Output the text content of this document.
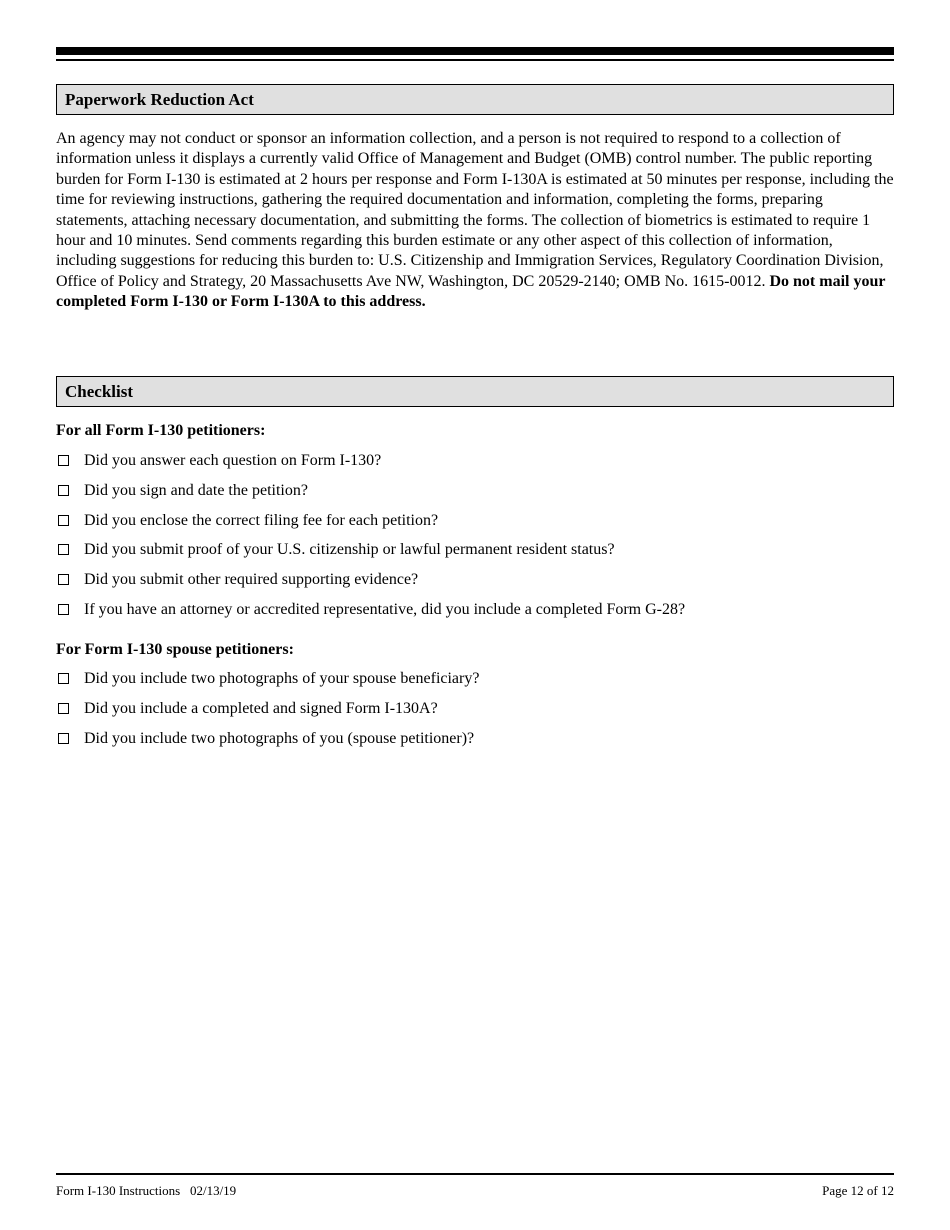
Paperwork Reduction Act
An agency may not conduct or sponsor an information collection, and a person is not required to respond to a collection of information unless it displays a currently valid Office of Management and Budget (OMB) control number. The public reporting burden for Form I-130 is estimated at 2 hours per response and Form I-130A is estimated at 50 minutes per response, including the time for reviewing instructions, gathering the required documentation and information, completing the forms, preparing statements, attaching necessary documentation, and submitting the forms. The collection of biometrics is estimated to require 1 hour and 10 minutes. Send comments regarding this burden estimate or any other aspect of this collection of information, including suggestions for reducing this burden to: U.S. Citizenship and Immigration Services, Regulatory Coordination Division, Office of Policy and Strategy, 20 Massachusetts Ave NW, Washington, DC 20529-2140; OMB No. 1615-0012. Do not mail your completed Form I-130 or Form I-130A to this address.
Checklist
For all Form I-130 petitioners:
Did you answer each question on Form I-130?
Did you sign and date the petition?
Did you enclose the correct filing fee for each petition?
Did you submit proof of your U.S. citizenship or lawful permanent resident status?
Did you submit other required supporting evidence?
If you have an attorney or accredited representative, did you include a completed Form G-28?
For Form I-130 spouse petitioners:
Did you include two photographs of your spouse beneficiary?
Did you include a completed and signed Form I-130A?
Did you include two photographs of you (spouse petitioner)?
Form I-130 Instructions   02/13/19	Page 12 of 12
